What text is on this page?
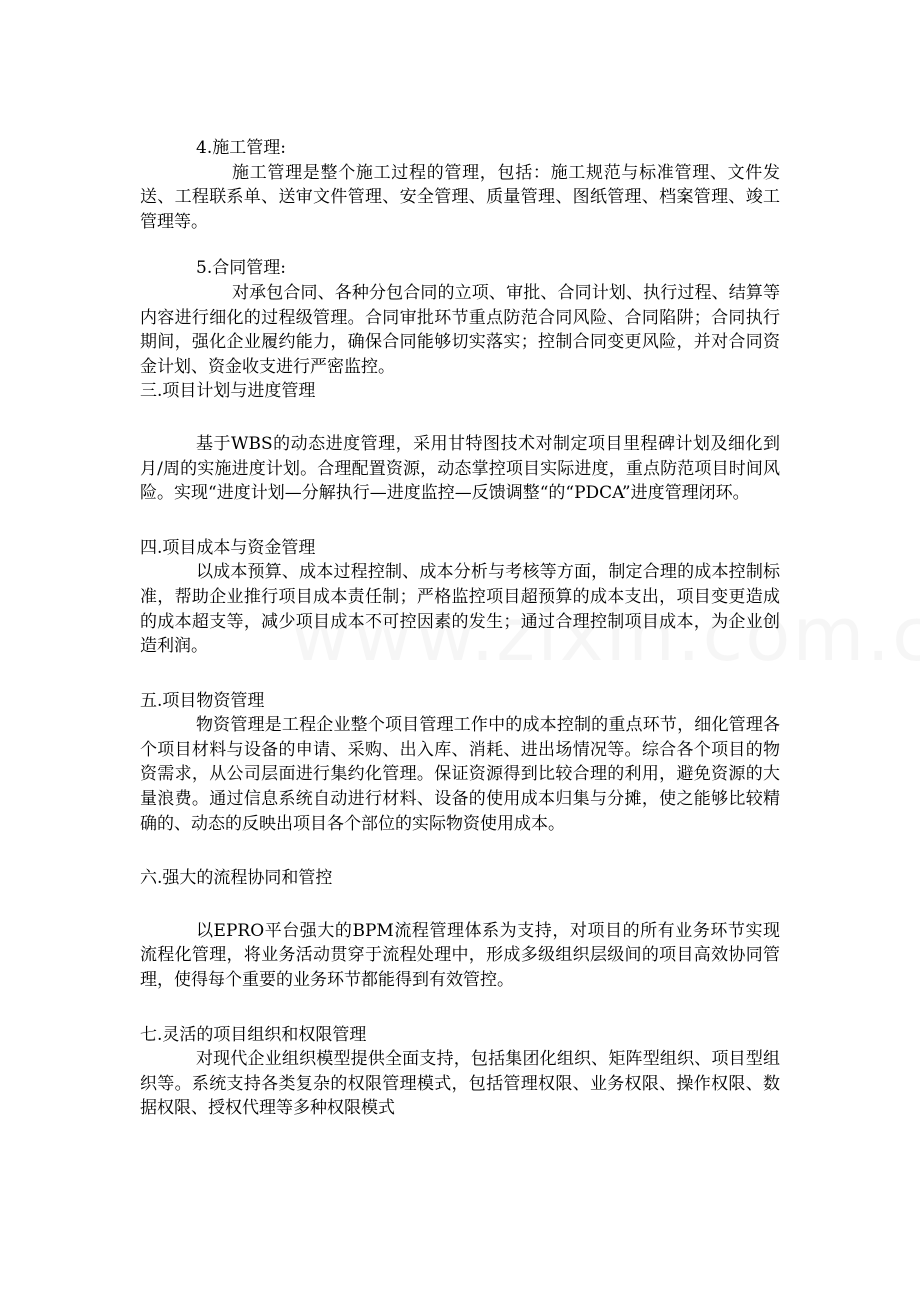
4.施工管理:

施工管理是整个施工过程的管理，包括：施工规范与标准管理、文件发送、工程联系单、送审文件管理、安全管理、质量管理、图纸管理、档案管理、竣工管理等。

5.合同管理:

对承包合同、各种分包合同的立项、审批、合同计划、执行过程、结算等内容进行细化的过程级管理。合同审批环节重点防范合同风险、合同陷阱；合同执行期间，强化企业履约能力，确保合同能够切实落实；控制合同变更风险，并对合同资金计划、资金收支进行严密监控。

三.项目计划与进度管理

基于WBS的动态进度管理，采用甘特图技术对制定项目里程碑计划及细化到月/周的实施进度计划。合理配置资源，动态掌控项目实际进度，重点防范项目时间风险。实现“进度计划—分解执行—进度监控—反馈调整“的“PDCA”进度管理闭环。

四.项目成本与资金管理

以成本预算、成本过程控制、成本分析与考核等方面，制定合理的成本控制标准，帮助企业推行项目成本责任制；严格监控项目超预算的成本支出，项目变更造成的成本超支等，减少项目成本不可控因素的发生；通过合理控制项目成本，为企业创造利润。

五.项目物资管理

物资管理是工程企业整个项目管理工作中的成本控制的重点环节，细化管理各个项目材料与设备的申请、采购、出入库、消耗、进出场情况等。综合各个项目的物资需求，从公司层面进行集约化管理。保证资源得到比较合理的利用，避免资源的大量浪费。通过信息系统自动进行材料、设备的使用成本归集与分摊，使之能够比较精确的、动态的反映出项目各个部位的实际物资使用成本。

六.强大的流程协同和管控

以EPRO平台强大的BPM流程管理体系为支持，对项目的所有业务环节实现流程化管理，将业务活动贯穿于流程处理中，形成多级组织层级间的项目高效协同管理，使得每个重要的业务环节都能得到有效管控。

七.灵活的项目组织和权限管理

对现代企业组织模型提供全面支持，包括集团化组织、矩阵型组织、项目型组织等。系统支持各类复杂的权限管理模式，包括管理权限、业务权限、操作权限、数据权限、授权代理等多种权限模式
